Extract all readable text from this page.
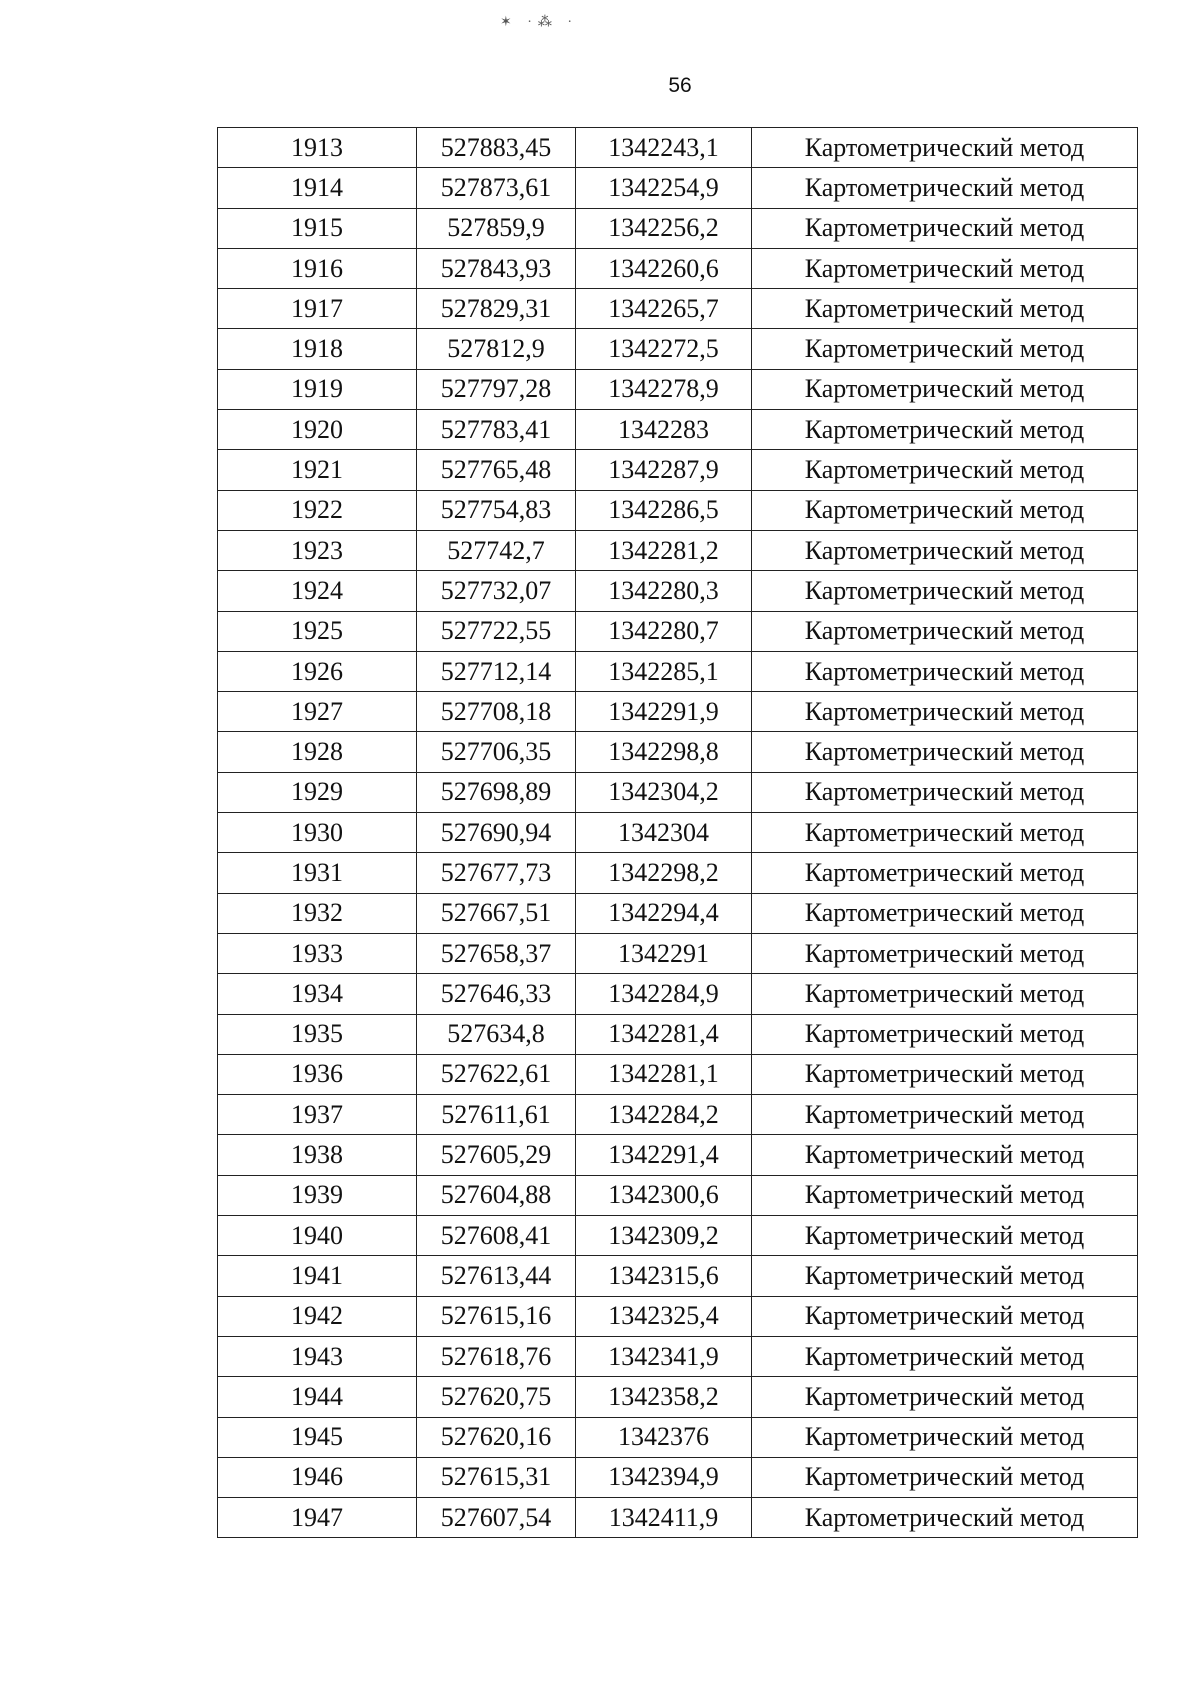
✶ ·⁂ ·
56
1913	527883,45	1342243,1	Картометрический метод
1914	527873,61	1342254,9	Картометрический метод
1915	527859,9	1342256,2	Картометрический метод
1916	527843,93	1342260,6	Картометрический метод
1917	527829,31	1342265,7	Картометрический метод
1918	527812,9	1342272,5	Картометрический метод
1919	527797,28	1342278,9	Картометрический метод
1920	527783,41	1342283	Картометрический метод
1921	527765,48	1342287,9	Картометрический метод
1922	527754,83	1342286,5	Картометрический метод
1923	527742,7	1342281,2	Картометрический метод
1924	527732,07	1342280,3	Картометрический метод
1925	527722,55	1342280,7	Картометрический метод
1926	527712,14	1342285,1	Картометрический метод
1927	527708,18	1342291,9	Картометрический метод
1928	527706,35	1342298,8	Картометрический метод
1929	527698,89	1342304,2	Картометрический метод
1930	527690,94	1342304	Картометрический метод
1931	527677,73	1342298,2	Картометрический метод
1932	527667,51	1342294,4	Картометрический метод
1933	527658,37	1342291	Картометрический метод
1934	527646,33	1342284,9	Картометрический метод
1935	527634,8	1342281,4	Картометрический метод
1936	527622,61	1342281,1	Картометрический метод
1937	527611,61	1342284,2	Картометрический метод
1938	527605,29	1342291,4	Картометрический метод
1939	527604,88	1342300,6	Картометрический метод
1940	527608,41	1342309,2	Картометрический метод
1941	527613,44	1342315,6	Картометрический метод
1942	527615,16	1342325,4	Картометрический метод
1943	527618,76	1342341,9	Картометрический метод
1944	527620,75	1342358,2	Картометрический метод
1945	527620,16	1342376	Картометрический метод
1946	527615,31	1342394,9	Картометрический метод
1947	527607,54	1342411,9	Картометрический метод
